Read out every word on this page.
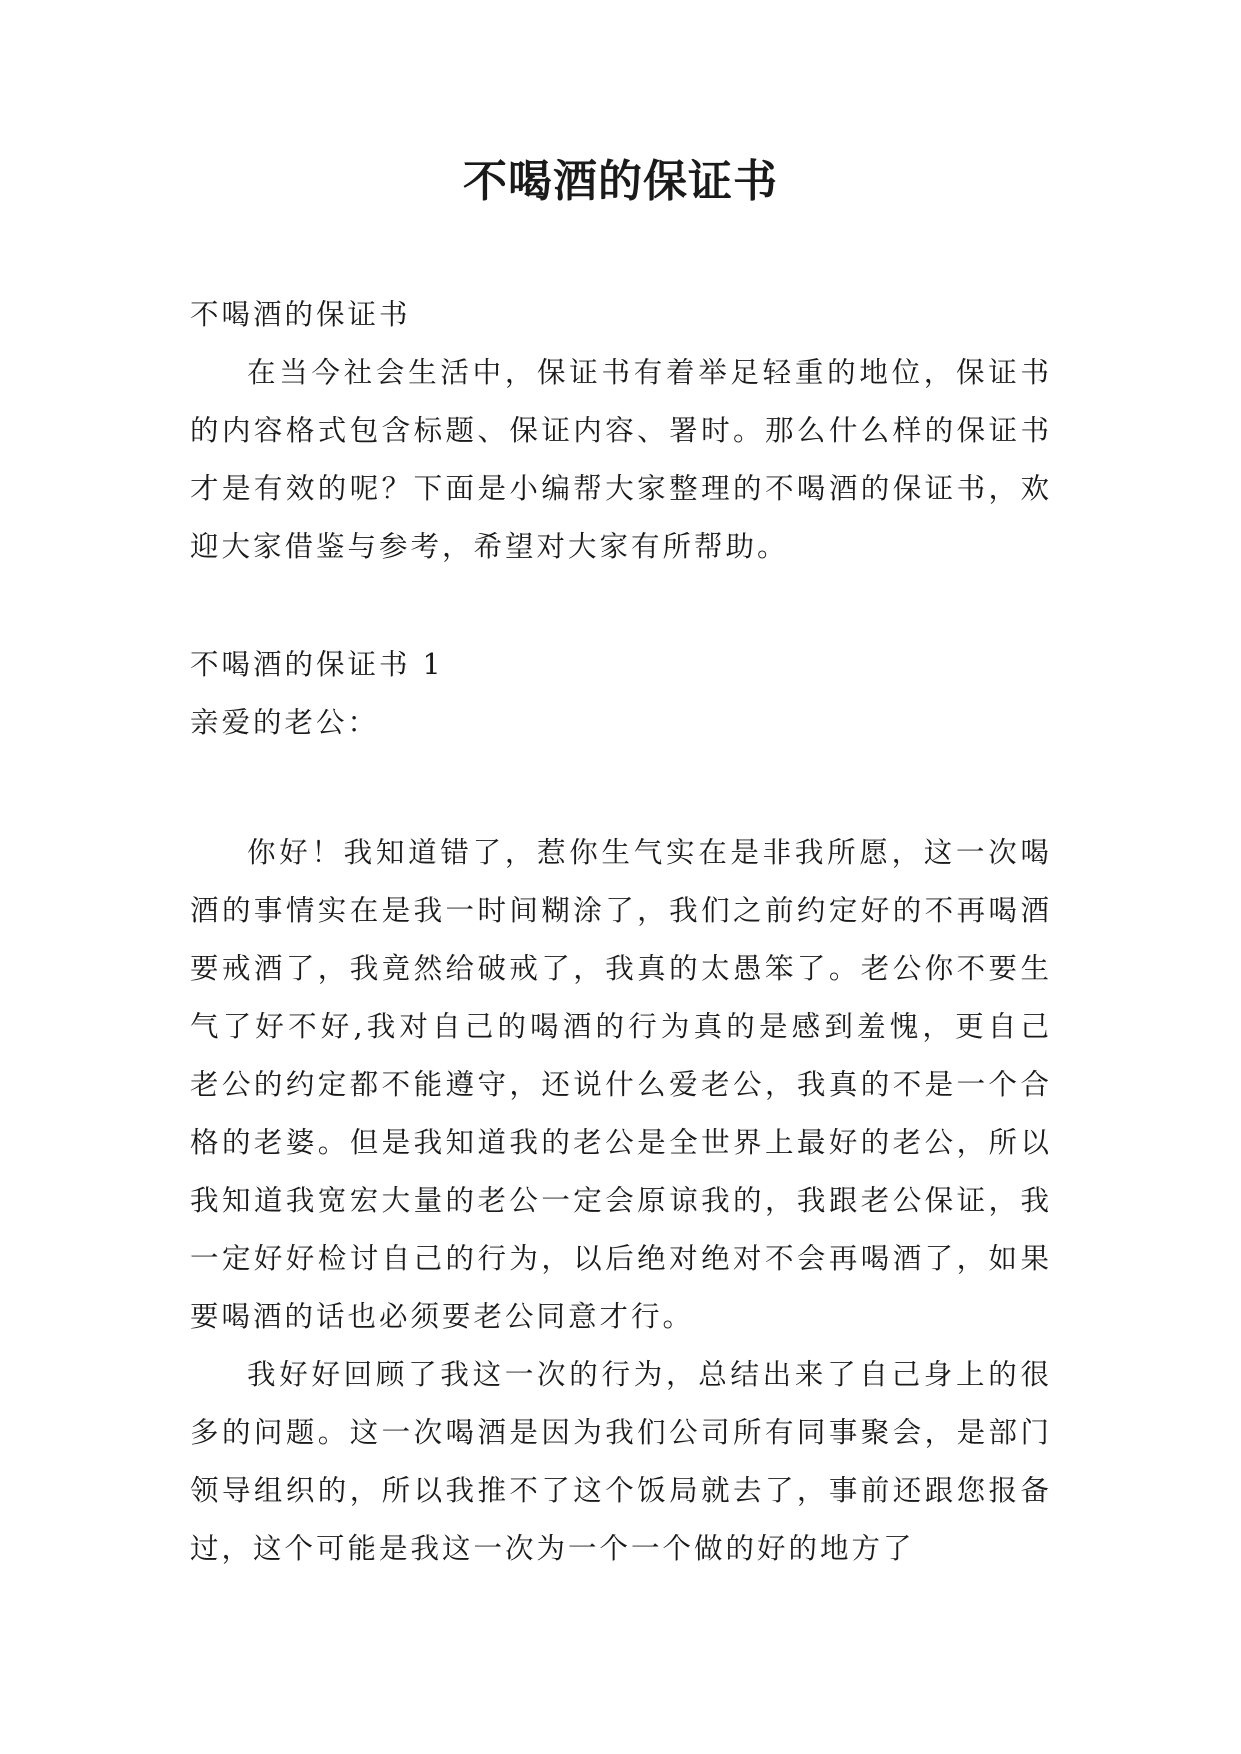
不喝酒的保证书
不喝酒的保证书

在当今社会生活中，保证书有着举足轻重的地位，保证书的内容格式包含标题、保证内容、署时。那么什么样的保证书才是有效的呢？下面是小编帮大家整理的不喝酒的保证书，欢迎大家借鉴与参考，希望对大家有所帮助。

不喝酒的保证书 1
亲爱的老公：

你好！我知道错了，惹你生气实在是非我所愿，这一次喝酒的事情实在是我一时间糊涂了，我们之前约定好的不再喝酒要戒酒了，我竟然给破戒了，我真的太愚笨了。老公你不要生气了好不好,我对自己的喝酒的行为真的是感到羞愧，更自己老公的约定都不能遵守，还说什么爱老公，我真的不是一个合格的老婆。但是我知道我的老公是全世界上最好的老公，所以我知道我宽宏大量的老公一定会原谅我的，我跟老公保证，我一定好好检讨自己的行为，以后绝对绝对不会再喝酒了，如果要喝酒的话也必须要老公同意才行。

我好好回顾了我这一次的行为，总结出来了自己身上的很多的问题。这一次喝酒是因为我们公司所有同事聚会，是部门领导组织的，所以我推不了这个饭局就去了，事前还跟您报备过，这个可能是我这一次为一个一个做的好的地方了
